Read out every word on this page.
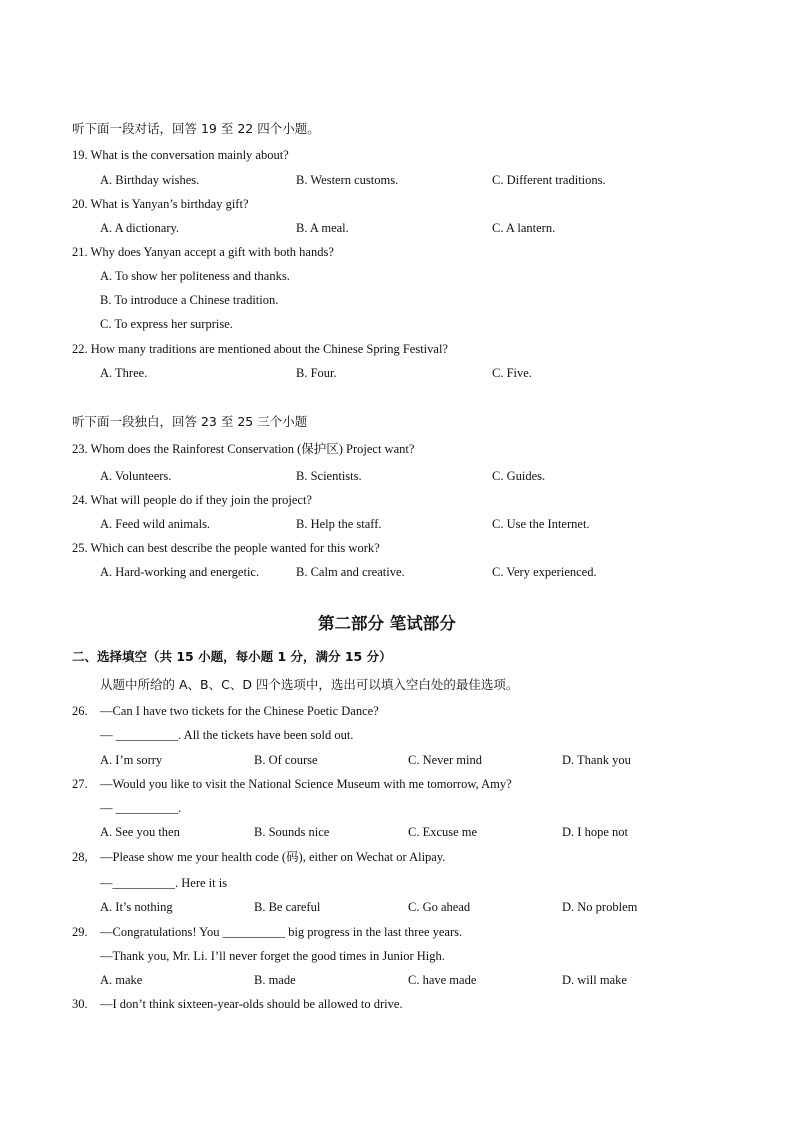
听下面一段对话，回答 19 至 22 四个小题。
19. What is the conversation mainly about?
A. Birthday wishes.	B. Western customs.	C. Different traditions.
20. What is Yanyan’s birthday gift?
A. A dictionary.	B. A meal.	C. A lantern.
21. Why does Yanyan accept a gift with both hands?
A. To show her politeness and thanks.
B. To introduce a Chinese tradition.
C. To express her surprise.
22. How many traditions are mentioned about the Chinese Spring Festival?
A. Three.	B. Four.	C. Five.
听下面一段独白，回答 23 至 25 三个小题
23. Whom does the Rainforest Conservation (保护区) Project want?
A. Volunteers.	B. Scientists.	C. Guides.
24. What will people do if they join the project?
A. Feed wild animals.	B. Help the staff.	C. Use the Internet.
25. Which can best describe the people wanted for this work?
A. Hard-working and energetic.	B. Calm and creative.	C. Very experienced.
第二部分 笔试部分
二、选择填空（共 15 小题，每小题 1 分，满分 15 分）
从题中所给的 A、B、C、D 四个选项中，选出可以填入空白处的最佳选项。
26. —Can I have two tickets for the Chinese Poetic Dance?
— __________. All the tickets have been sold out.
A. I’m sorry	B. Of course	C. Never mind	D. Thank you
27. —Would you like to visit the National Science Museum with me tomorrow, Amy?
— __________.
A. See you then	B. Sounds nice	C. Excuse me	D. I hope not
28, —Please show me your health code (码), either on Wechat or Alipay.
—__________. Here it is
A. It’s nothing	B. Be careful	C. Go ahead	D. No problem
29. —Congratulations! You __________ big progress in the last three years.
—Thank you, Mr. Li. I’ll never forget the good times in Junior High.
A. make	B. made	C. have made	D. will make
30. —I don’t think sixteen-year-olds should be allowed to drive.
